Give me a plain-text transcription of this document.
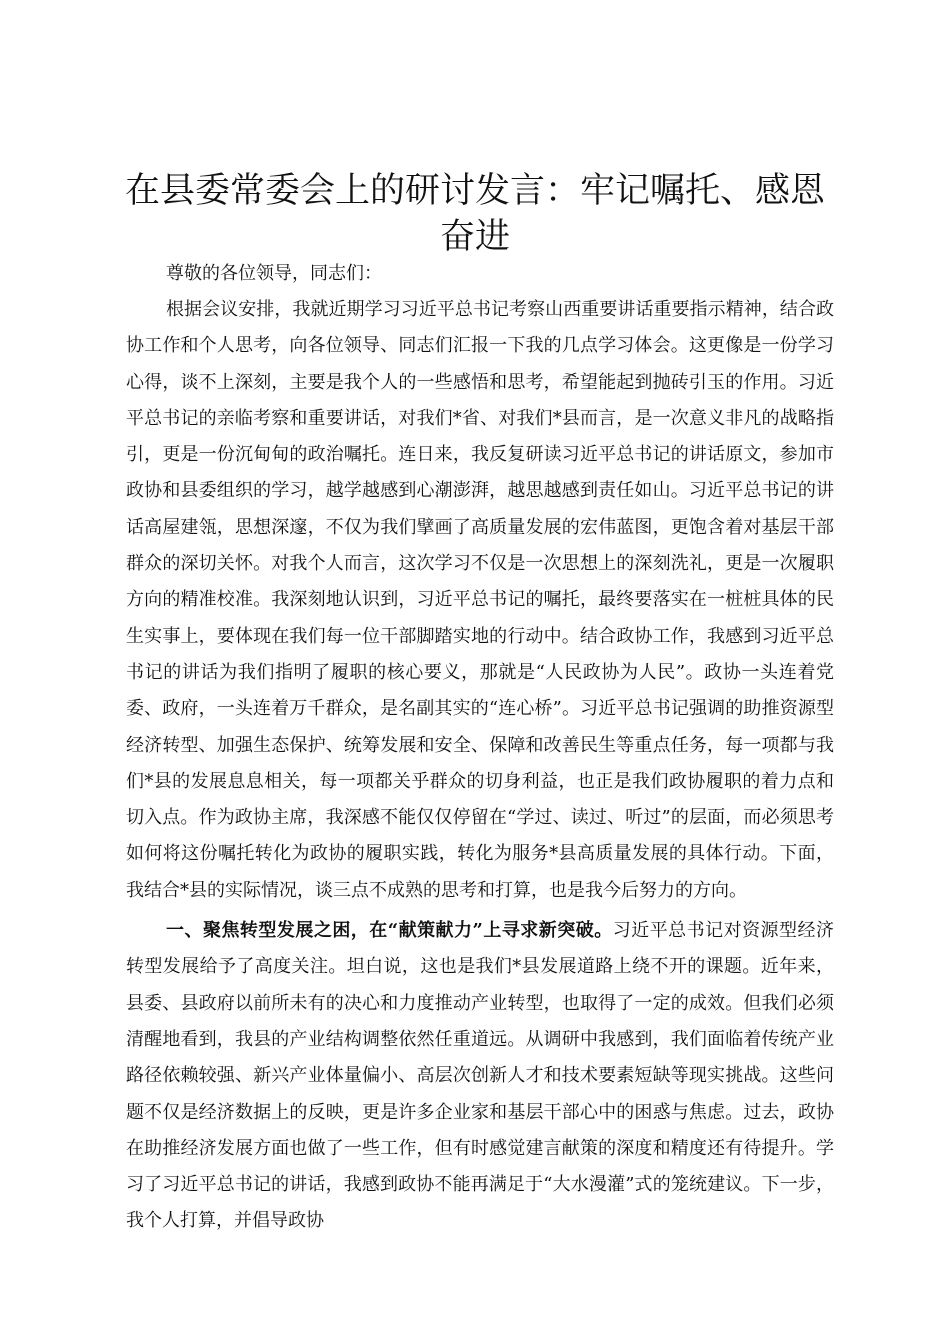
在县委常委会上的研讨发言：牢记嘱托、感恩奋进

尊敬的各位领导，同志们：

根据会议安排，我就近期学习习近平总书记考察山西重要讲话重要指示精神，结合政协工作和个人思考，向各位领导、同志们汇报一下我的几点学习体会。这更像是一份学习心得，谈不上深刻，主要是我个人的一些感悟和思考，希望能起到抛砖引玉的作用。习近平总书记的亲临考察和重要讲话，对我们*省、对我们*县而言，是一次意义非凡的战略指引，更是一份沉甸甸的政治嘱托。连日来，我反复研读习近平总书记的讲话原文，参加市政协和县委组织的学习，越学越感到心潮澎湃，越思越感到责任如山。习近平总书记的讲话高屋建瓴，思想深邃，不仅为我们擘画了高质量发展的宏伟蓝图，更饱含着对基层干部群众的深切关怀。对我个人而言，这次学习不仅是一次思想上的深刻洗礼，更是一次履职方向的精准校准。我深刻地认识到，习近平总书记的嘱托，最终要落实在一桩桩具体的民生实事上，要体现在我们每一位干部脚踏实地的行动中。结合政协工作，我感到习近平总书记的讲话为我们指明了履职的核心要义，那就是“人民政协为人民”。政协一头连着党委、政府，一头连着万千群众，是名副其实的“连心桥”。习近平总书记强调的助推资源型经济转型、加强生态保护、统筹发展和安全、保障和改善民生等重点任务，每一项都与我们*县的发展息息相关，每一项都关乎群众的切身利益，也正是我们政协履职的着力点和切入点。作为政协主席，我深感不能仅仅停留在“学过、读过、听过”的层面，而必须思考如何将这份嘱托转化为政协的履职实践，转化为服务*县高质量发展的具体行动。下面，我结合*县的实际情况，谈三点不成熟的思考和打算，也是我今后努力的方向。

一、聚焦转型发展之困，在“献策献力”上寻求新突破。习近平总书记对资源型经济转型发展给予了高度关注。坦白说，这也是我们*县发展道路上绕不开的课题。近年来，县委、县政府以前所未有的决心和力度推动产业转型，也取得了一定的成效。但我们必须清醒地看到，我县的产业结构调整依然任重道远。从调研中我感到，我们面临着传统产业路径依赖较强、新兴产业体量偏小、高层次创新人才和技术要素短缺等现实挑战。这些问题不仅是经济数据上的反映，更是许多企业家和基层干部心中的困惑与焦虑。过去，政协在助推经济发展方面也做了一些工作，但有时感觉建言献策的深度和精度还有待提升。学习了习近平总书记的讲话，我感到政协不能再满足于“大水漫灌”式的笼统建议。下一步，我个人打算，并倡导政协
